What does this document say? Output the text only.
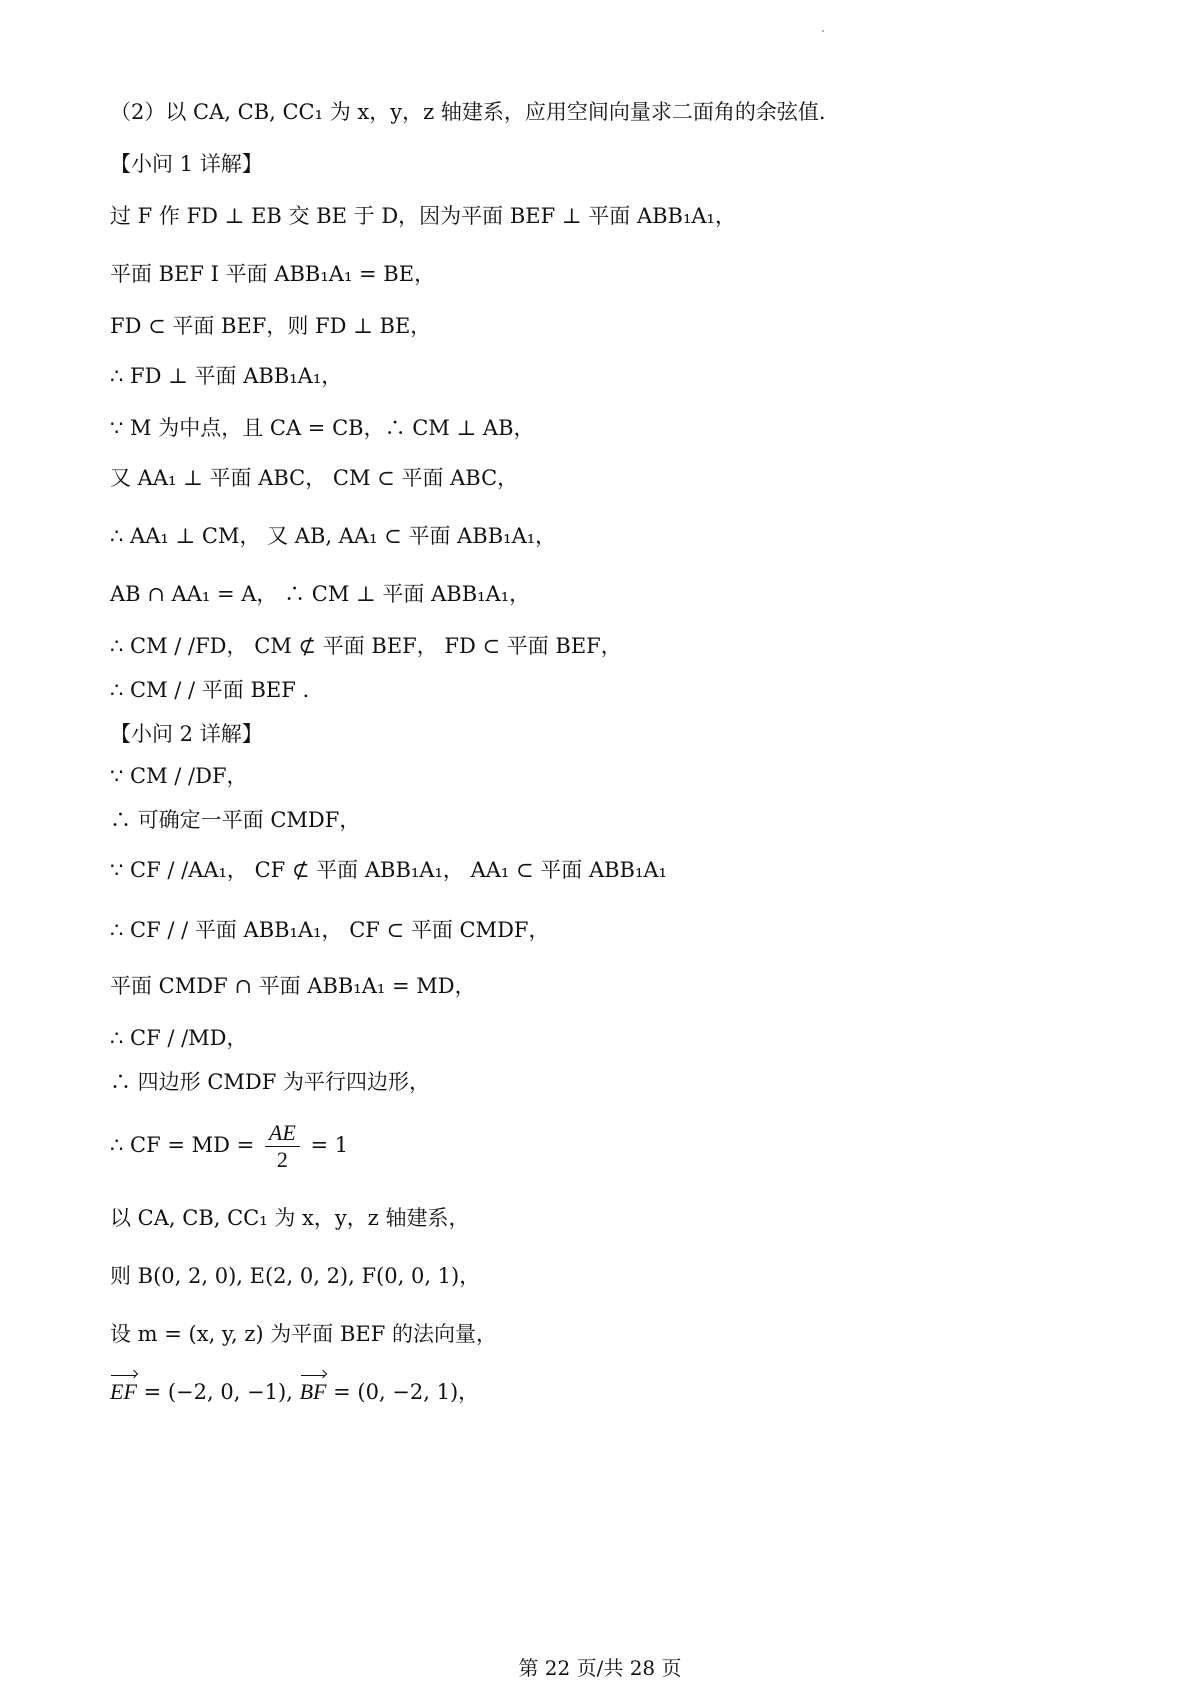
（2）以 CA, CB, CC₁ 为 x，y，z 轴建系，应用空间向量求二面角的余弦值.
【小问 1 详解】
过 F 作 FD ⊥ EB 交 BE 于 D，因为平面 BEF ⊥ 平面 ABB₁A₁，
平面 BEF I 平面 ABB₁A₁ = BE，
FD ⊂ 平面 BEF，则 FD ⊥ BE，
∴ FD ⊥ 平面 ABB₁A₁，
∵ M 为中点，且 CA = CB，∴ CM ⊥ AB，
又 AA₁ ⊥ 平面 ABC， CM ⊂ 平面 ABC，
∴ AA₁ ⊥ CM， 又 AB, AA₁ ⊂ 平面 ABB₁A₁，
AB ∩ AA₁ = A， ∴ CM ⊥ 平面 ABB₁A₁，
∴ CM / /FD， CM ⊄ 平面 BEF， FD ⊂ 平面 BEF，
∴ CM / / 平面 BEF .
【小问 2 详解】
∵ CM / /DF，
∴ 可确定一平面 CMDF，
∵ CF / /AA₁， CF ⊄ 平面 ABB₁A₁， AA₁ ⊂ 平面 ABB₁A₁
∴ CF / / 平面 ABB₁A₁， CF ⊂ 平面 CMDF，
平面 CMDF ∩ 平面 ABB₁A₁ = MD，
∴ CF / /MD，
∴ 四边形 CMDF 为平行四边形，
∴ CF = MD = $\frac{AE}{2} = 1$
以 CA, CB, CC₁ 为 x，y，z 轴建系，
则 B(0, 2, 0), E(2, 0, 2), F(0, 0, 1)，
设 m = (x, y, z) 为平面 BEF 的法向量，
EF = (−2, 0, −1), BF = (0, −2, 1)，
第 22 页/共 28 页
